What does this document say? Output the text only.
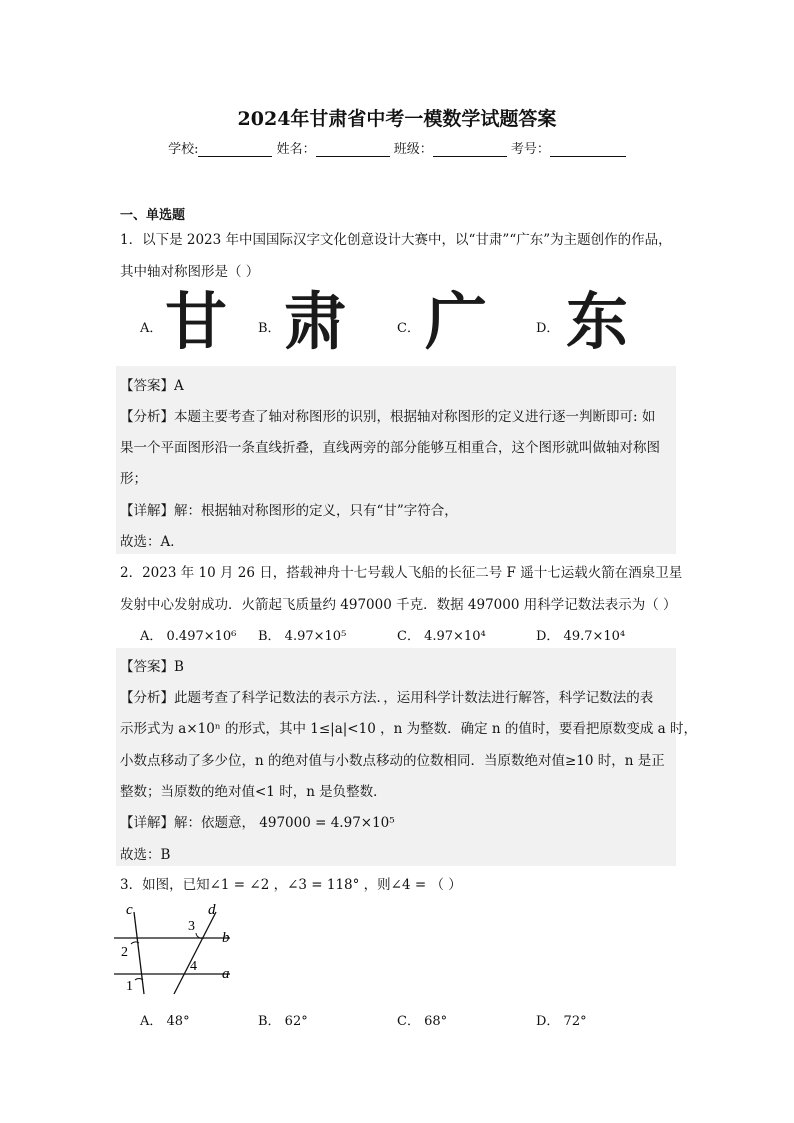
2024年甘肃省中考一模数学试题答案
学校:	姓名：	班级：	考号：
一、单选题
1．以下是 2023 年中国国际汉字文化创意设计大赛中，以“甘肃”“广东”为主题创作的作品，
其中轴对称图形是（ ）
A． 甘 B． 肃	C． 广	D． 东
【答案】A
【分析】本题主要考查了轴对称图形的识别，根据轴对称图形的定义进行逐一判断即可: 如
果一个平面图形沿一条直线折叠，直线两旁的部分能够互相重合，这个图形就叫做轴对称图
形；
【详解】解：根据轴对称图形的定义，只有“甘”字符合，
故选：A．
2．2023 年 10 月 26 日，搭载神舟十七号载人飞船的长征二号 F 遥十七运载火箭在酒泉卫星
发射中心发射成功．火箭起飞质量约 497000 千克．数据 497000 用科学记数法表示为（ ）
A． 0.497×10⁶ B． 4.97×10⁵	C． 4.97×10⁴	D． 49.7×10⁴
【答案】B
【分析】此题考查了科学记数法的表示方法．，运用科学计数法进行解答，科学记数法的表
示形式为 a×10ⁿ 的形式，其中 1≤|a|<10 ，n 为整数．确定 n 的值时，要看把原数变成 a 时，
小数点移动了多少位，n 的绝对值与小数点移动的位数相同．当原数绝对值≥10 时，n 是正
整数；当原数的绝对值<1 时，n 是负整数．
【详解】解：依题意， 497000 = 4.97×10⁵
故选：B
3．如图，已知∠1 = ∠2 ，∠3 = 118° ，则∠4 = （ ）
c	d
b
a
2
1
3
4
A． 48°	B． 62°	C． 68°	D． 72°
